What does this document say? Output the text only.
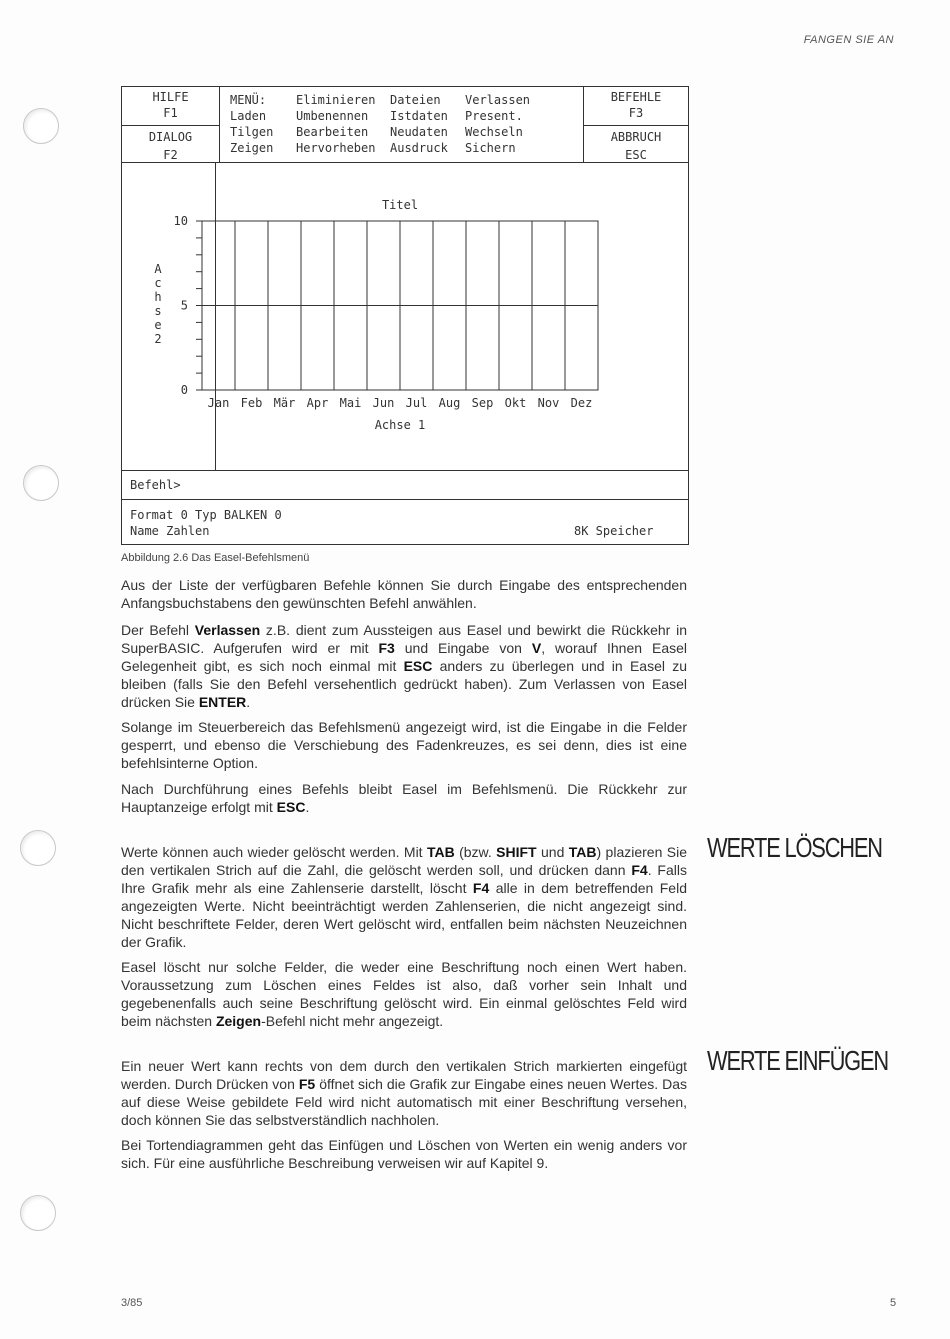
FANGEN SIE AN
HILFE
F1
DIALOG
F2
MENÜ:
Laden
Tilgen
Zeigen
Eliminieren
Umbenennen
Bearbeiten
Hervorheben
Dateien
Istdaten
Neudaten
Ausdruck
Verlassen
Present.
Wechseln
Sichern
BEFEHLE
F3
ABBRUCH
ESC
0
5
10
Jan Feb Mär Apr Mai Jun Jul Aug Sep Okt Nov Dez
Titel
Achse 1
A
c
h
s
e
2
Befehl>
Format 0 Typ BALKEN 0
Name Zahlen	8K Speicher
Abbildung 2.6 Das Easel-Befehlsmenü

Aus der Liste der verfügbaren Befehle können Sie durch Eingabe des entsprechenden Anfangsbuchstabens den gewünschten Befehl anwählen.

Der Befehl Verlassen z.B. dient zum Aussteigen aus Easel und bewirkt die Rückkehr in SuperBASIC. Aufgerufen wird er mit F3 und Eingabe von V, worauf Ihnen Easel Gelegenheit gibt, es sich noch einmal mit ESC anders zu überlegen und in Easel zu bleiben (falls Sie den Befehl versehentlich gedrückt haben). Zum Verlassen von Easel drücken Sie ENTER.

Solange im Steuerbereich das Befehlsmenü angezeigt wird, ist die Eingabe in die Felder gesperrt, und ebenso die Verschiebung des Fadenkreuzes, es sei denn, dies ist eine befehlsinterne Option.

Nach Durchführung eines Befehls bleibt Easel im Befehlsmenü. Die Rückkehr zur Hauptanzeige erfolgt mit ESC.

WERTE LÖSCHEN

Werte können auch wieder gelöscht werden. Mit TAB (bzw. SHIFT und TAB) plazieren Sie den vertikalen Strich auf die Zahl, die gelöscht werden soll, und drücken dann F4. Falls Ihre Grafik mehr als eine Zahlenserie darstellt, löscht F4 alle in dem betreffenden Feld angezeigten Werte. Nicht beeinträchtigt werden Zahlenserien, die nicht angezeigt sind. Nicht beschriftete Felder, deren Wert gelöscht wird, entfallen beim nächsten Neuzeichnen der Grafik.

Easel löscht nur solche Felder, die weder eine Beschriftung noch einen Wert haben. Voraussetzung zum Löschen eines Feldes ist also, daß vorher sein Inhalt und gegebenenfalls auch seine Beschriftung gelöscht wird. Ein einmal gelöschtes Feld wird beim nächsten Zeigen-Befehl nicht mehr angezeigt.

WERTE EINFÜGEN

Ein neuer Wert kann rechts von dem durch den vertikalen Strich markierten eingefügt werden. Durch Drücken von F5 öffnet sich die Grafik zur Eingabe eines neuen Wertes. Das auf diese Weise gebildete Feld wird nicht automatisch mit einer Beschriftung versehen, doch können Sie das selbstverständlich nachholen.

Bei Tortendiagrammen geht das Einfügen und Löschen von Werten ein wenig anders vor sich. Für eine ausführliche Beschreibung verweisen wir auf Kapitel 9.

3/85	5
